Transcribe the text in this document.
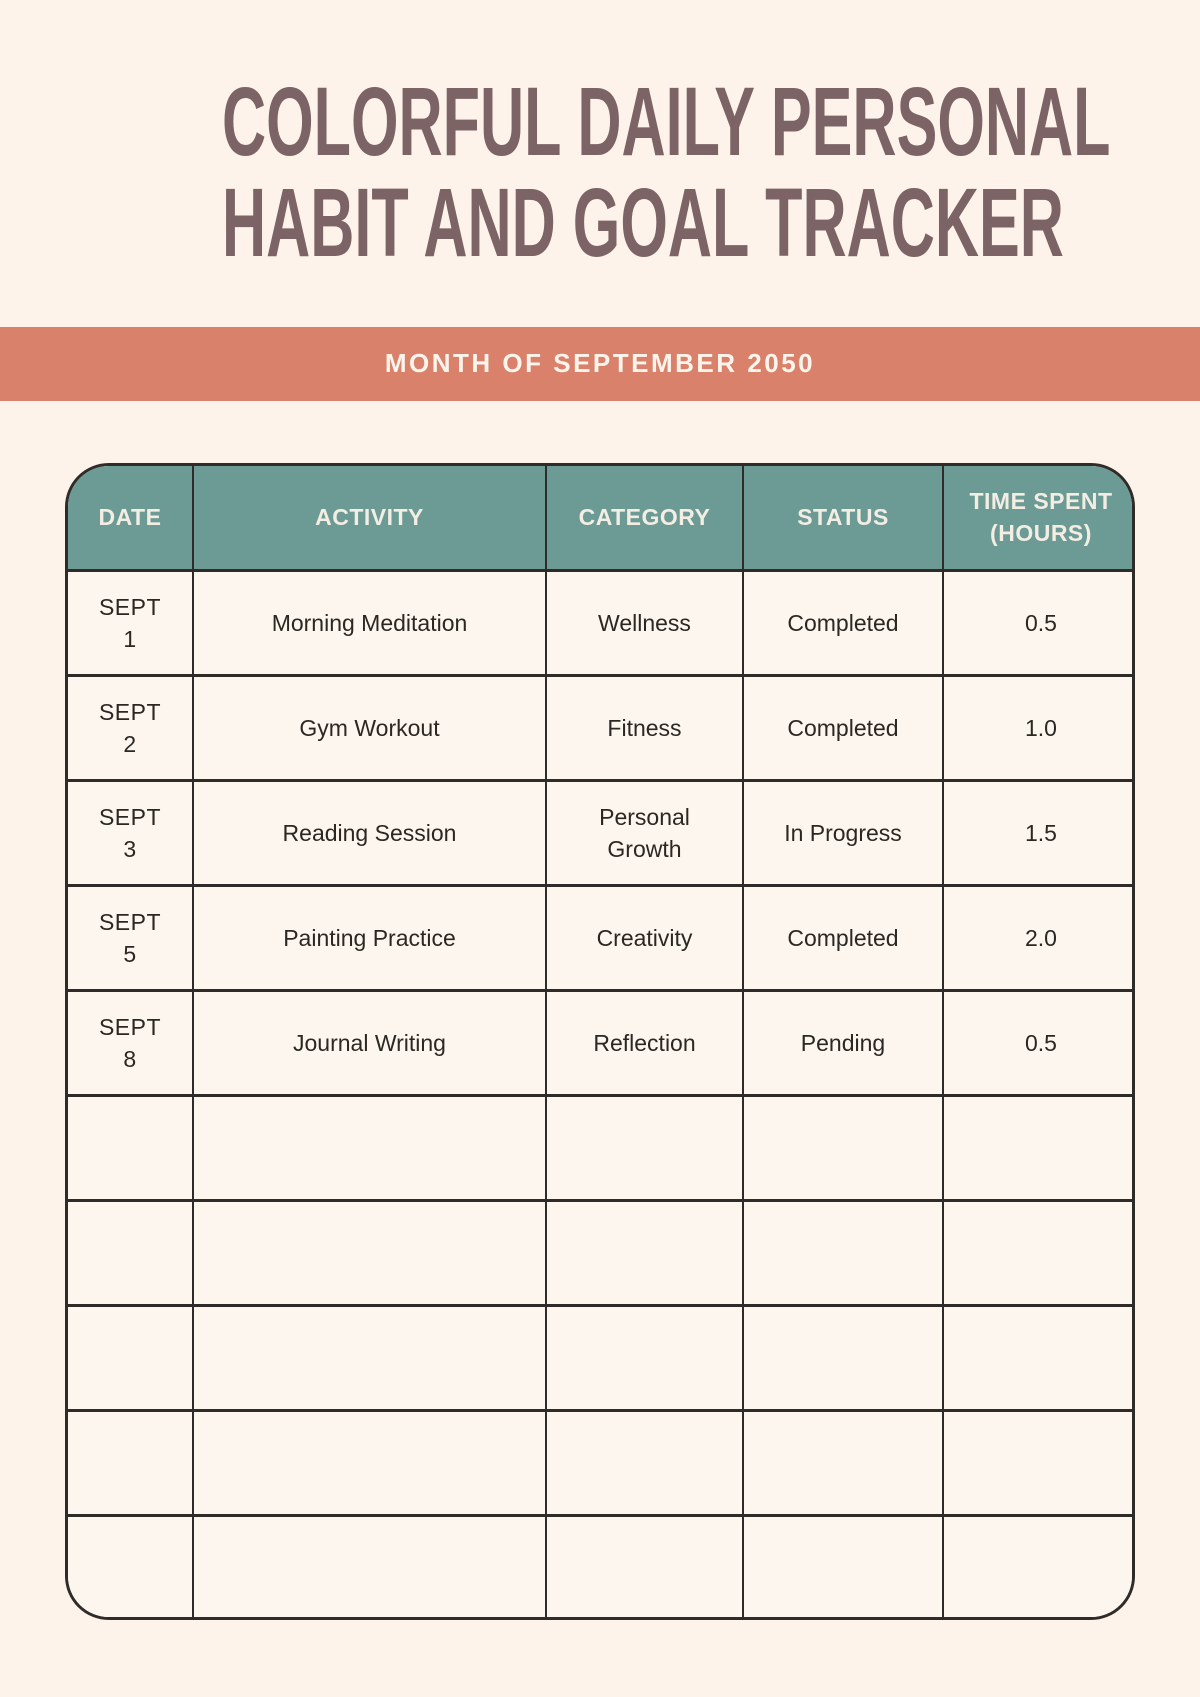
COLORFUL DAILY PERSONAL
HABIT AND GOAL TRACKER
MONTH OF SEPTEMBER 2050
DATE	ACTIVITY	CATEGORY	STATUS	TIME SPENT (HOURS)
SEPT 1	Morning Meditation	Wellness	Completed	0.5
SEPT 2	Gym Workout	Fitness	Completed	1.0
SEPT 3	Reading Session	Personal Growth	In Progress	1.5
SEPT 5	Painting Practice	Creativity	Completed	2.0
SEPT 8	Journal Writing	Reflection	Pending	0.5
